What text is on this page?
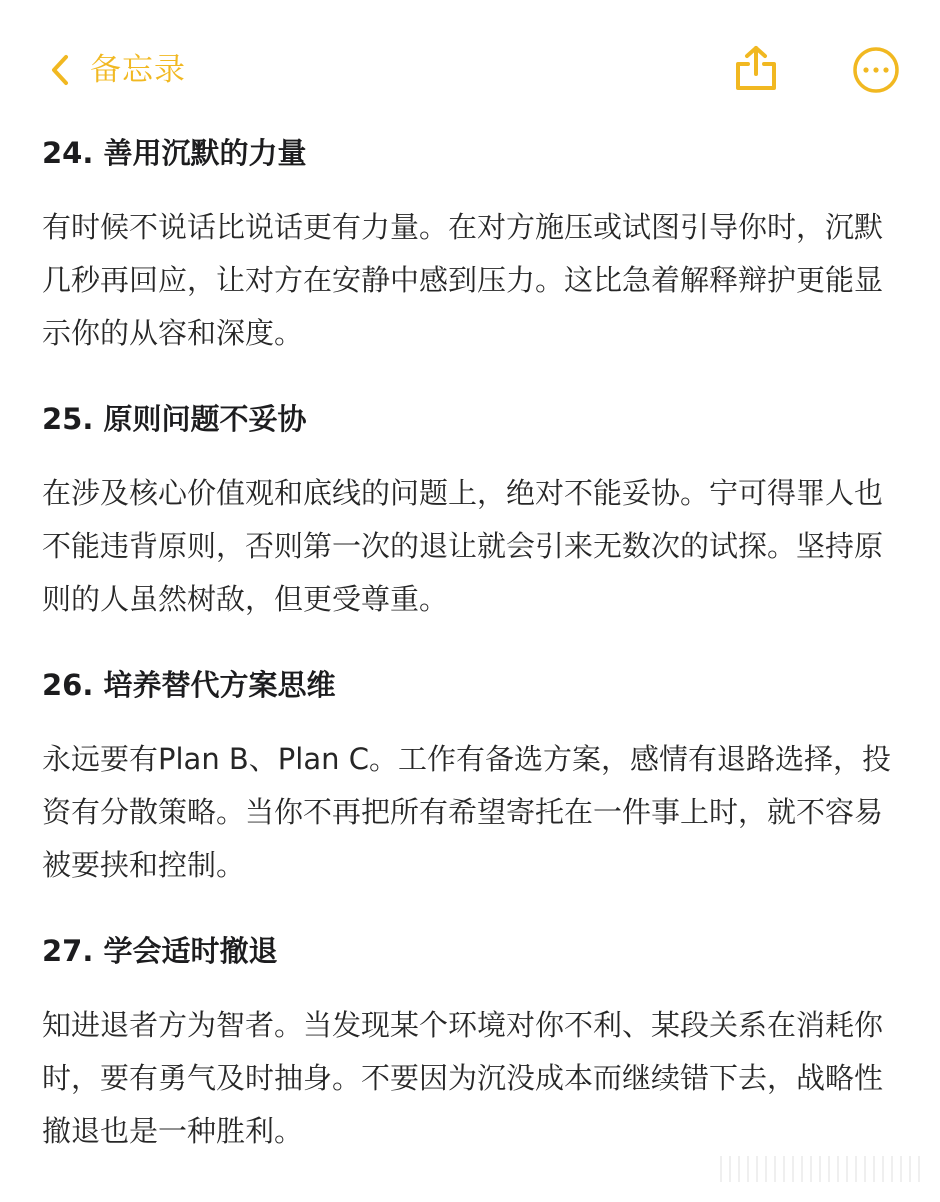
备忘录

24. 善用沉默的力量

有时候不说话比说话更有力量。在对方施压或试图引导你时，沉默几秒再回应，让对方在安静中感到压力。这比急着解释辩护更能显示你的从容和深度。

25. 原则问题不妥协

在涉及核心价值观和底线的问题上，绝对不能妥协。宁可得罪人也不能违背原则，否则第一次的退让就会引来无数次的试探。坚持原则的人虽然树敌，但更受尊重。

26. 培养替代方案思维

永远要有Plan B、Plan C。工作有备选方案，感情有退路选择，投资有分散策略。当你不再把所有希望寄托在一件事上时，就不容易被要挟和控制。

27. 学会适时撤退

知进退者方为智者。当发现某个环境对你不利、某段关系在消耗你时，要有勇气及时抽身。不要因为沉没成本而继续错下去，战略性撤退也是一种胜利。
